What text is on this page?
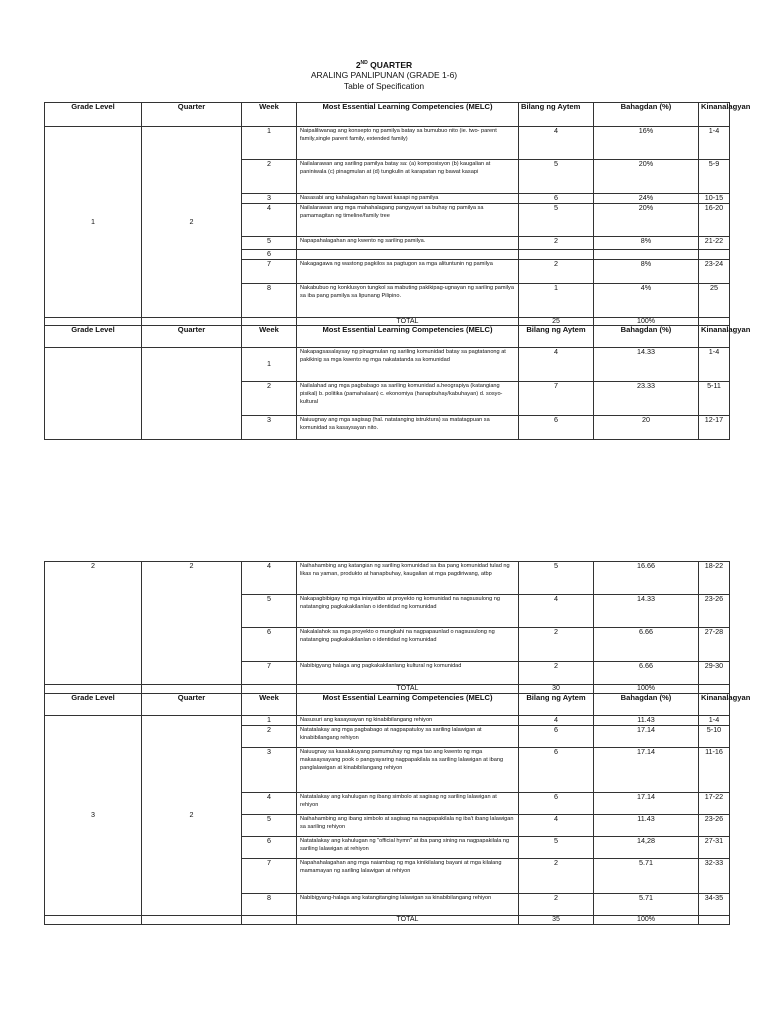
2ND QUARTER
ARALING PANLIPUNAN (GRADE 1-6)
Table of Specification
Grade Level	Quarter	Week	Most Essential Learning Competencies (MELC)	Bilang ng Aytem	Bahagdan (%)	Kinanalagyan
1	2	1	Naipaliliwanag ang konsepto ng pamilya batay sa bumubuo nito (ie. two- parent family,single parent family, extended family)	4	16%	1-4
		2	Nailalarawan ang sariling pamilya batay sa: (a) komposisyon (b) kaugalian at paniniwala (c) pinagmulan at (d) tungkulin at karapatan ng bawat kasapi	5	20%	5-9
		3	Nasasabi ang kahalagahan ng bawat kasapi ng pamilya	6	24%	10-15
		4	Nailalarawan ang mga mahahalagang pangyayari sa buhay ng pamilya sa pamamagitan ng timeline/family tree	5	20%	16-20
		5	Napapahalagahan ang kwento ng sariling pamilya.	2	8%	21-22
		6				
		7	Nakagagawa ng wastong pagkilos sa pagtugon sa mga alituntunin ng pamilya	2	8%	23-24
		8	Nakabubuo ng konklusyon tungkol sa mabuting pakikipag-ugnayan ng sariling pamilya sa iba pang pamilya sa lipunang Pilipino.	1	4%	25
			TOTAL	25	100%	
Grade Level	Quarter	Week	Most Essential Learning Competencies (MELC)	Bilang ng Aytem	Bahagdan (%)	Kinanalagyan
		1	Nakapagsasalaysay ng pinagmulan ng sariling komunidad batay sa pagtatanong at pakikinig sa mga kwento ng mga nakatatanda sa komunidad	4	14.33	1-4
		2	Nailalahad ang mga pagbabago sa sariling komunidad a.heograpiya (katangiang pisikal) b. politika (pamahalaan) c. ekonomiya (hanapbuhay/kabuhayan) d. sosyo-kultural	7	23.33	5-11
		3	Naiuugnay ang mga sagisag (hal. natatanging istruktura) sa matatagpuan sa komunidad sa kasaysayan nito.	6	20	12-17
2	2	4	Naihahambing ang katangian ng sariling komunidad sa iba pang komunidad tulad ng likas na yaman, produkto at hanapbuhay, kaugalian at mga pagdiriwang, atbp	5	16.66	18-22
		5	Nakapagbibigay ng mga inisyatibo at proyekto ng komunidad na nagsusulong ng natatanging pagkakakilanlan o identidad ng komunidad	4	14.33	23-26
		6	Nakalalahok sa mga proyekto o mungkahi na nagpapaunlad o nagsusulong ng natatanging pagkakakilanlan o identidad ng komunidad	2	6.66	27-28
		7	Nabibigyang halaga ang pagkakakilanlang kultural ng komunidad	2	6.66	29-30
			TOTAL	30	100%	
Grade Level	Quarter	Week	Most Essential Learning Competencies (MELC)	Bilang ng Aytem	Bahagdan (%)	Kinanalagyan
3	2	1	Nasusuri ang kasaysayan ng kinabibilangang rehiyon	4	11.43	1-4
		2	Natatalakay ang mga pagbabago at nagpapatuloy sa sariling lalawigan at kinabibilangang rehiyon	6	17.14	5-10
		3	Naiuugnay sa kasalukuyang pamumuhay ng mga tao ang kwento ng mga makasaysayang pook o pangyayaring nagpapakilala sa sariling lalawigan at ibang panglalawigan at kinabibilangang rehiyon	6	17.14	11-16
		4	Natatalakay ang kahulugan ng ibang simbolo at sagisag ng sariling lalawigan at rehiyon	6	17.14	17-22
		5	Naihahambing ang ibang simbolo at sagisag na nagpapakilala ng iba't ibang lalawigan sa sariling rehiyon	4	11.43	23-26
		6	Natatalakay ang kahulugan ng "official hymn" at iba pang sining na nagpapakilala ng sariling lalawigan at rehiyon	5	14,28	27-31
		7	Napahahalagahan ang mga naiambag ng mga kinikilalang bayani at mga kilalang mamamayan ng sariling lalawigan at rehiyon	2	5.71	32-33
		8	Nabibigyang-halaga ang katangitanging lalawigan sa kinabibilangang rehiyon	2	5.71	34-35
			TOTAL	35	100%	
